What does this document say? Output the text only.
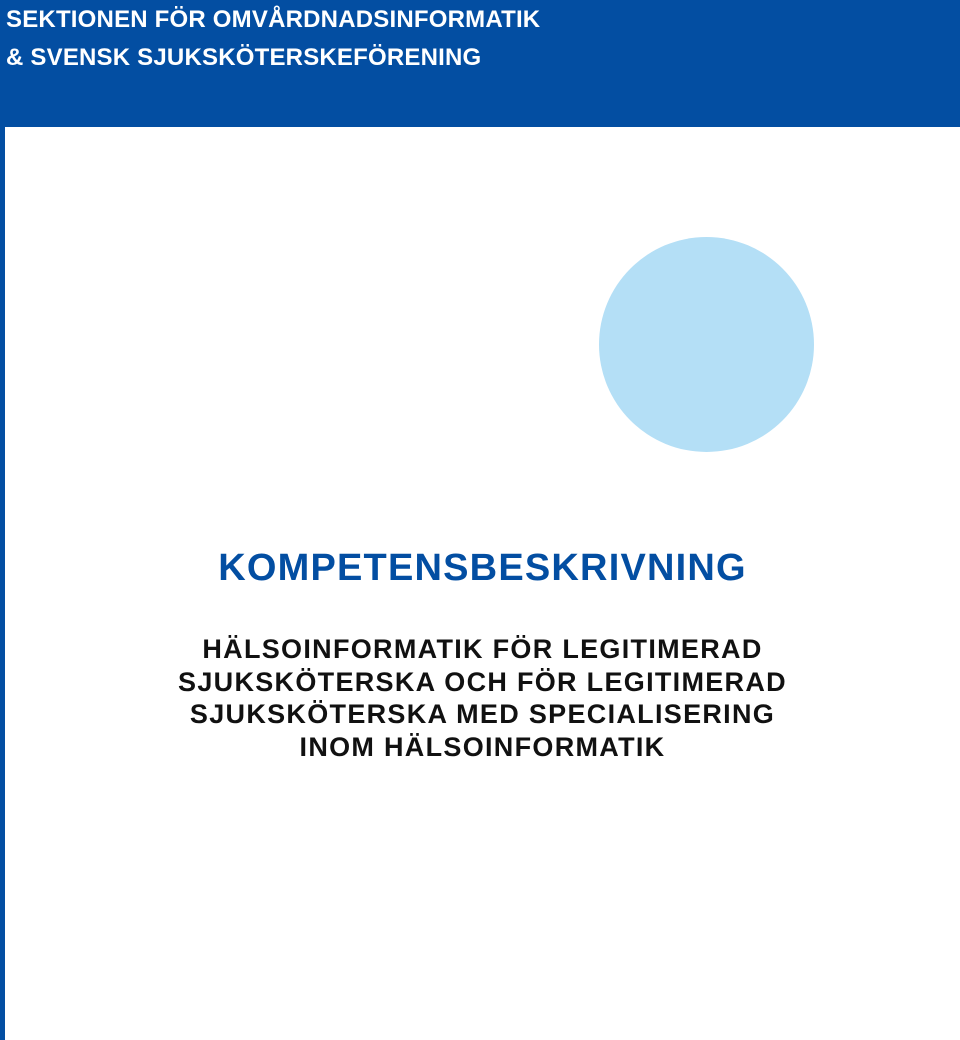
SEKTIONEN FÖR OMVÅRDNADSINFORMATIK

& SVENSK SJUKSKÖTERSKEFÖRENING

KOMPETENSBESKRIVNING
HÄLSOINFORMATIK FÖR LEGITIMERAD
SJUKSKÖTERSKA OCH FÖR LEGITIMERAD
SJUKSKÖTERSKA MED SPECIALISERING
INOM HÄLSOINFORMATIK
